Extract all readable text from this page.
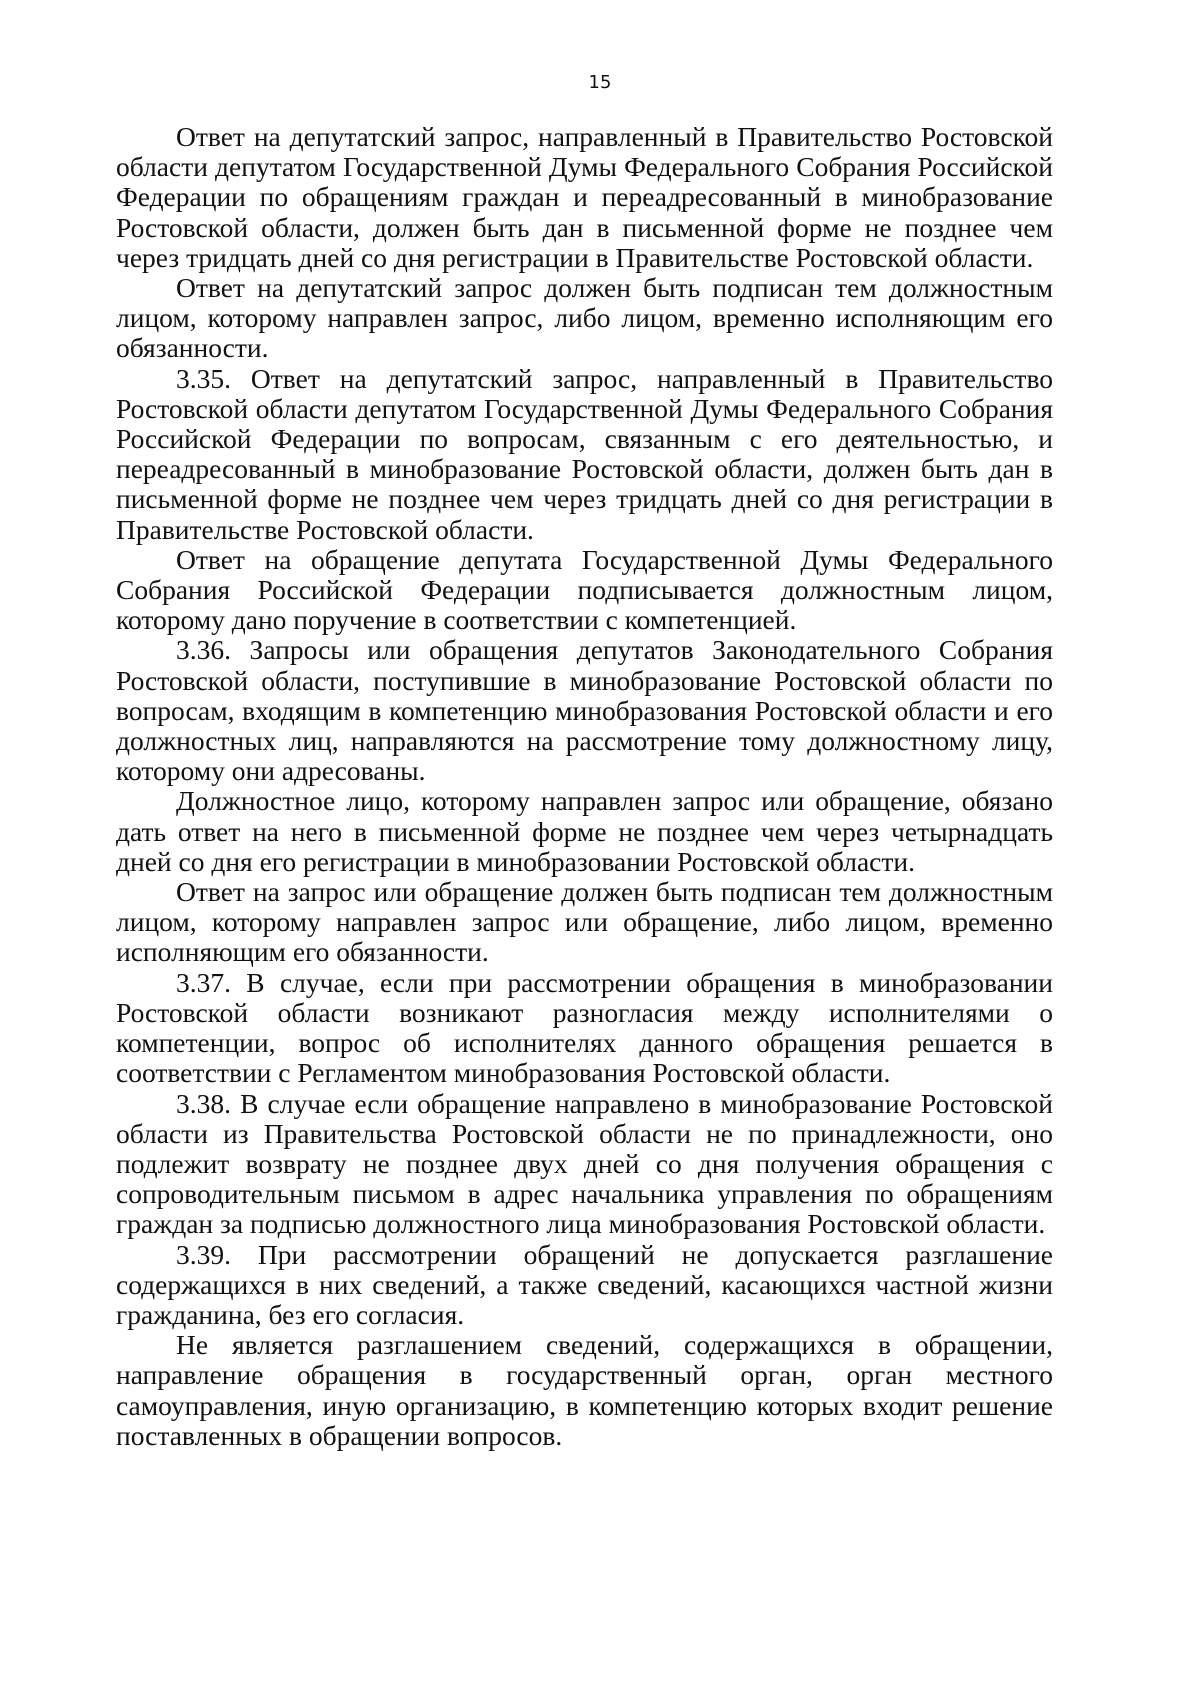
15

Ответ на депутатский запрос, направленный в Правительство Ростовской области депутатом Государственной Думы Федерального Собрания Российской Федерации по обращениям граждан и переадресованный в минобразование Ростовской области, должен быть дан в письменной форме не позднее чем через тридцать дней со дня регистрации в Правительстве Ростовской области.

Ответ на депутатский запрос должен быть подписан тем должностным лицом, которому направлен запрос, либо лицом, временно исполняющим его обязанности.

3.35. Ответ на депутатский запрос, направленный в Правительство Ростовской области депутатом Государственной Думы Федерального Собрания Российской Федерации по вопросам, связанным с его деятельностью, и переадресованный в минобразование Ростовской области, должен быть дан в письменной форме не позднее чем через тридцать дней со дня регистрации в Правительстве Ростовской области.

Ответ на обращение депутата Государственной Думы Федерального Собрания Российской Федерации подписывается должностным лицом, которому дано поручение в соответствии с компетенцией.

3.36. Запросы или обращения депутатов Законодательного Собрания Ростовской области, поступившие в минобразование Ростовской области по вопросам, входящим в компетенцию минобразования Ростовской области и его должностных лиц, направляются на рассмотрение тому должностному лицу, которому они адресованы.

Должностное лицо, которому направлен запрос или обращение, обязано дать ответ на него в письменной форме не позднее чем через четырнадцать дней со дня его регистрации в минобразовании Ростовской области.

Ответ на запрос или обращение должен быть подписан тем должностным лицом, которому направлен запрос или обращение, либо лицом, временно исполняющим его обязанности.

3.37. В случае, если при рассмотрении обращения в минобразовании Ростовской области возникают разногласия между исполнителями о компетенции, вопрос об исполнителях данного обращения решается в соответствии с Регламентом минобразования Ростовской области.

3.38. В случае если обращение направлено в минобразование Ростовской области из Правительства Ростовской области не по принадлежности, оно подлежит возврату не позднее двух дней со дня получения обращения с сопроводительным письмом в адрес начальника управления по обращениям граждан за подписью должностного лица минобразования Ростовской области.

3.39. При рассмотрении обращений не допускается разглашение содержащихся в них сведений, а также сведений, касающихся частной жизни гражданина, без его согласия.

Не является разглашением сведений, содержащихся в обращении, направление обращения в государственный орган, орган местного самоуправления, иную организацию, в компетенцию которых входит решение поставленных в обращении вопросов.
